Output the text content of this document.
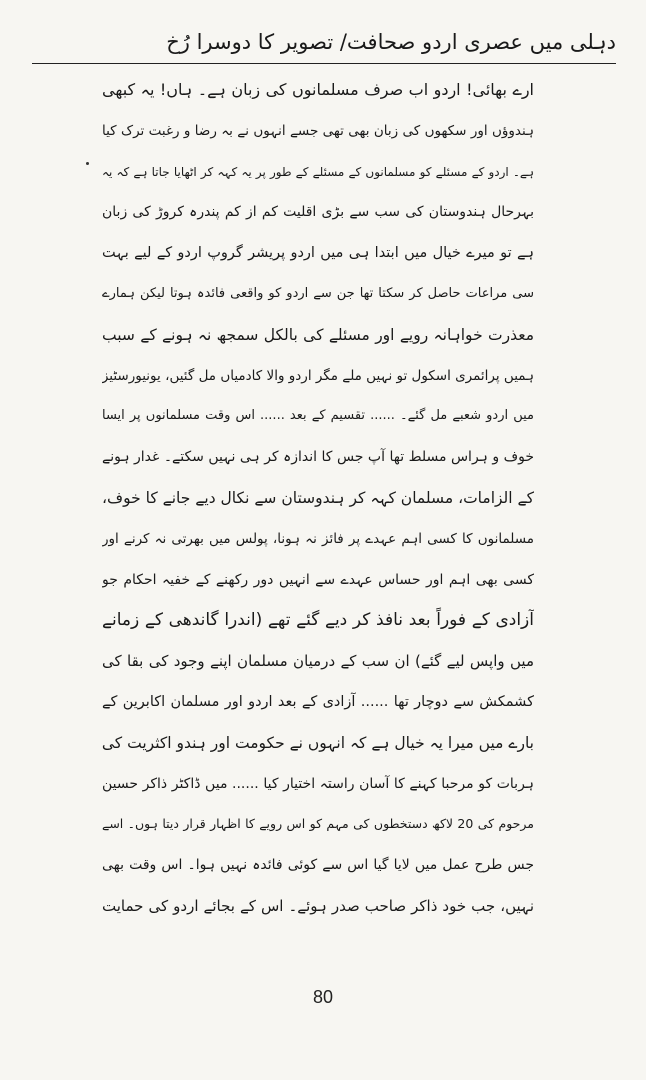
دہلی میں عصری اردو صحافت/ تصویر کا دوسرا رُخ
ارے بھائی! اردو اب صرف مسلمانوں کی زبان ہے۔ ہاں! یہ کبھی
ہندوؤں اور سکھوں کی زبان بھی تھی جسے انہوں نے بہ رضا و رغبت ترک کیا
ہے۔ اردو کے مسئلے کو مسلمانوں کے مسئلے کے طور پر یہ کہہ کر اٹھایا جاتا ہے کہ یہ
بہرحال ہندوستان کی سب سے بڑی اقلیت کم از کم پندرہ کروڑ کی زبان
ہے تو میرے خیال میں ابتدا ہی میں اردو پریشر گروپ اردو کے لیے بہت
سی مراعات حاصل کر سکتا تھا جن سے اردو کو واقعی فائدہ ہوتا لیکن ہمارے
معذرت خواہانہ رویے اور مسئلے کی بالکل سمجھ نہ ہونے کے سبب
ہمیں پرائمری اسکول تو نہیں ملے مگر اردو والا کادمیاں مل گئیں، یونیورسٹیز
میں اردو شعبے مل گئے۔ ...... تقسیم کے بعد ...... اس وقت مسلمانوں پر ایسا
خوف و ہراس مسلط تھا آپ جس کا اندازہ کر ہی نہیں سکتے۔ غدار ہونے
کے الزامات، مسلمان کہہ کر ہندوستان سے نکال دیے جانے کا خوف،
مسلمانوں کا کسی اہم عہدے پر فائز نہ ہونا، پولس میں بھرتی نہ کرنے اور
کسی بھی اہم اور حساس عہدے سے انہیں دور رکھنے کے خفیہ احکام جو
آزادی کے فوراً بعد نافذ کر دیے گئے تھے (اندرا گاندھی کے زمانے
میں واپس لیے گئے) ان سب کے درمیان مسلمان اپنے وجود کی بقا کی
کشمکش سے دوچار تھا ...... آزادی کے بعد اردو اور مسلمان اکابرین کے
بارے میں میرا یہ خیال ہے کہ انہوں نے حکومت اور ہندو اکثریت کی
ہربات کو مرحبا کہنے کا آسان راستہ اختیار کیا ...... میں ڈاکٹر ذاکر حسین
مرحوم کی 20 لاکھ دستخطوں کی مہم کو اس رویے کا اظہار قرار دیتا ہوں۔ اسے
جس طرح عمل میں لایا گیا اس سے کوئی فائدہ نہیں ہوا۔ اس وقت بھی
نہیں، جب خود ذاکر صاحب صدر ہوئے۔ اس کے بجائے اردو کی حمایت
80
